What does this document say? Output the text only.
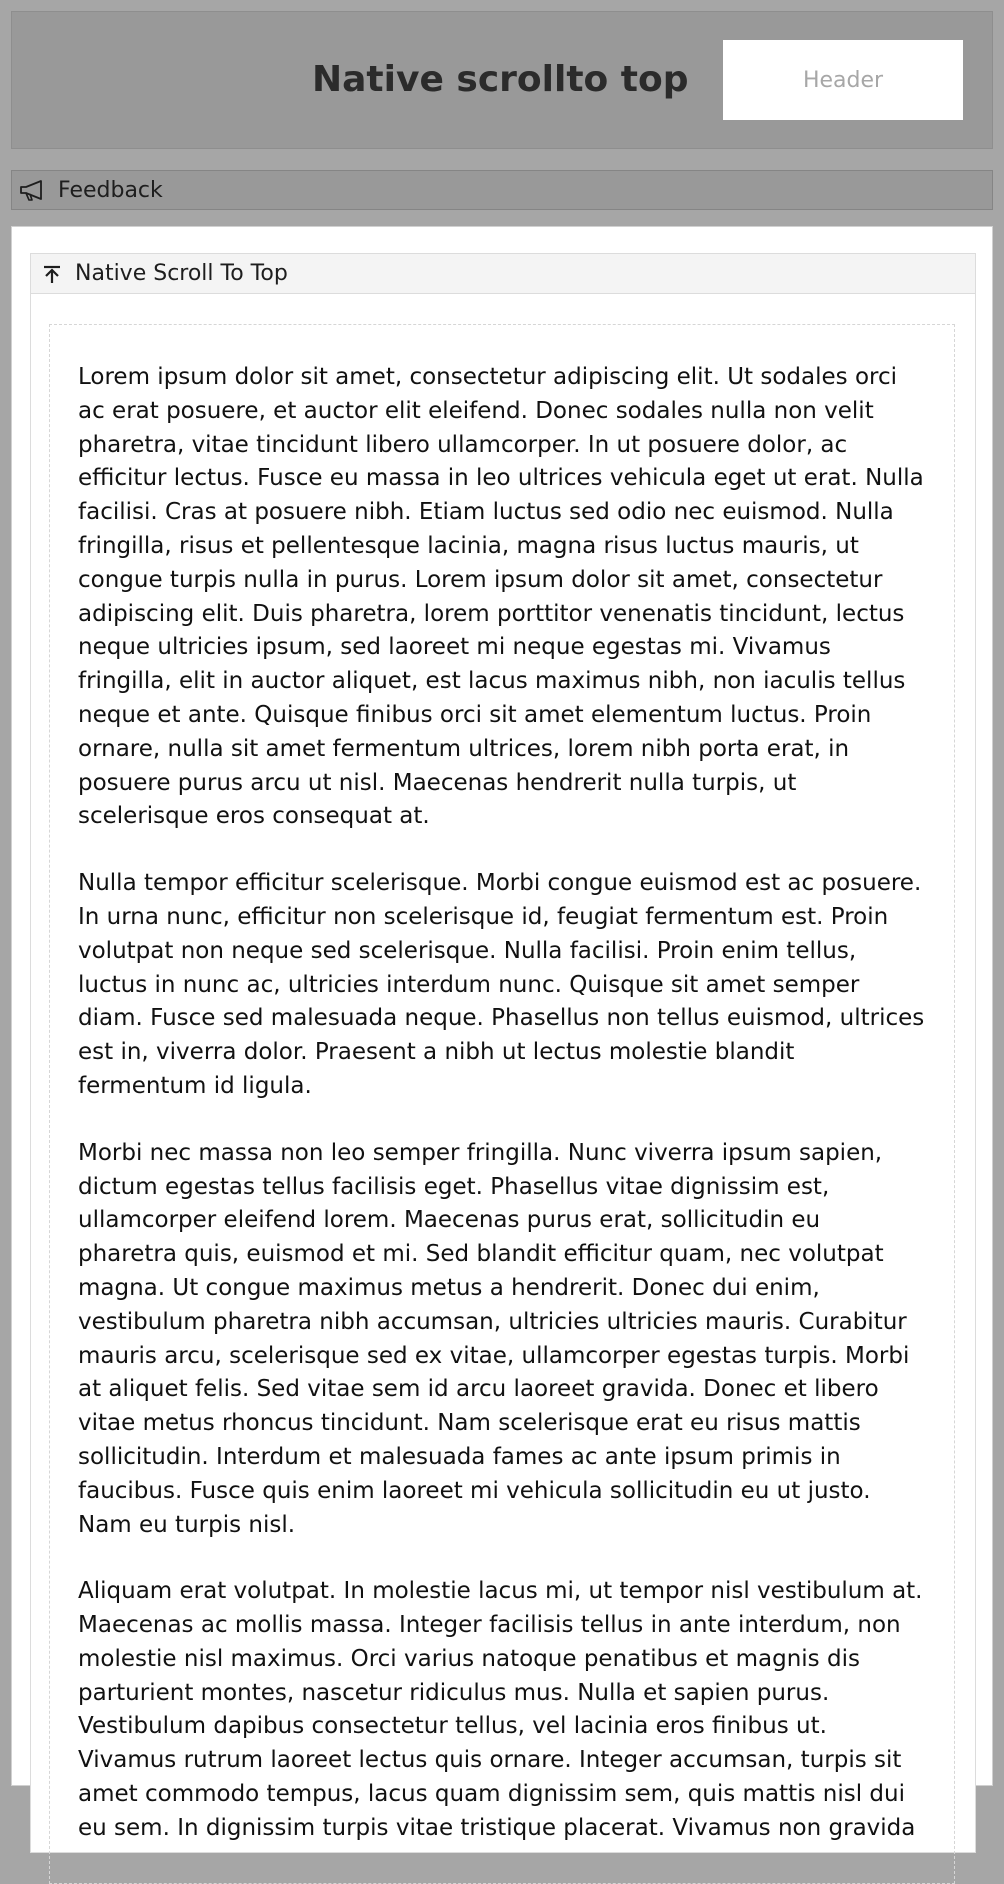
Native scrollto top
Header
Feedback
Native Scroll To Top

Lorem ipsum dolor sit amet, consectetur adipiscing elit. Ut sodales orci ac erat posuere, et auctor elit eleifend. Donec sodales nulla non velit pharetra, vitae tincidunt libero ullamcorper. In ut posuere dolor, ac efficitur lectus. Fusce eu massa in leo ultrices vehicula eget ut erat. Nulla facilisi. Cras at posuere nibh. Etiam luctus sed odio nec euismod. Nulla fringilla, risus et pellentesque lacinia, magna risus luctus mauris, ut congue turpis nulla in purus. Lorem ipsum dolor sit amet, consectetur adipiscing elit. Duis pharetra, lorem porttitor venenatis tincidunt, lectus neque ultricies ipsum, sed laoreet mi neque egestas mi. Vivamus fringilla, elit in auctor aliquet, est lacus maximus nibh, non iaculis tellus neque et ante. Quisque finibus orci sit amet elementum luctus. Proin ornare, nulla sit amet fermentum ultrices, lorem nibh porta erat, in posuere purus arcu ut nisl. Maecenas hendrerit nulla turpis, ut scelerisque eros consequat at.

Nulla tempor efficitur scelerisque. Morbi congue euismod est ac posuere. In urna nunc, efficitur non scelerisque id, feugiat fermentum est. Proin volutpat non neque sed scelerisque. Nulla facilisi. Proin enim tellus, luctus in nunc ac, ultricies interdum nunc. Quisque sit amet semper diam. Fusce sed malesuada neque. Phasellus non tellus euismod, ultrices est in, viverra dolor. Praesent a nibh ut lectus molestie blandit fermentum id ligula.

Morbi nec massa non leo semper fringilla. Nunc viverra ipsum sapien, dictum egestas tellus facilisis eget. Phasellus vitae dignissim est, ullamcorper eleifend lorem. Maecenas purus erat, sollicitudin eu pharetra quis, euismod et mi. Sed blandit efficitur quam, nec volutpat magna. Ut congue maximus metus a hendrerit. Donec dui enim, vestibulum pharetra nibh accumsan, ultricies ultricies mauris. Curabitur mauris arcu, scelerisque sed ex vitae, ullamcorper egestas turpis. Morbi at aliquet felis. Sed vitae sem id arcu laoreet gravida. Donec et libero vitae metus rhoncus tincidunt. Nam scelerisque erat eu risus mattis sollicitudin. Interdum et malesuada fames ac ante ipsum primis in faucibus. Fusce quis enim laoreet mi vehicula sollicitudin eu ut justo. Nam eu turpis nisl.

Aliquam erat volutpat. In molestie lacus mi, ut tempor nisl vestibulum at. Maecenas ac mollis massa. Integer facilisis tellus in ante interdum, non molestie nisl maximus. Orci varius natoque penatibus et magnis dis parturient montes, nascetur ridiculus mus. Nulla et sapien purus. Vestibulum dapibus consectetur tellus, vel lacinia eros finibus ut. Vivamus rutrum laoreet lectus quis ornare. Integer accumsan, turpis sit amet commodo tempus, lacus quam dignissim sem, quis mattis nisl dui eu sem. In dignissim turpis vitae tristique placerat. Vivamus non gravida
